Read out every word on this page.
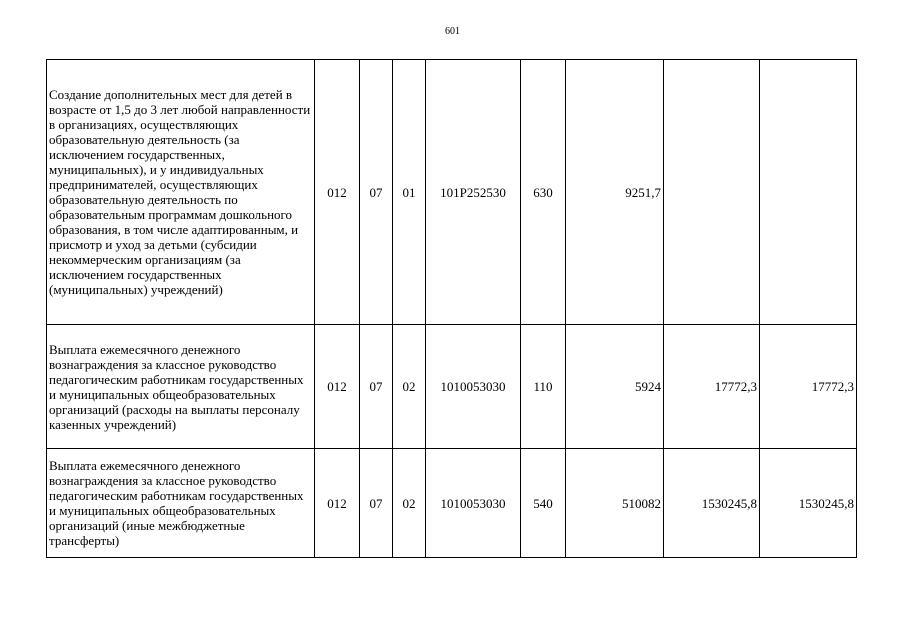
601
Создание дополнительных мест для детей в возрасте от 1,5 до 3 лет любой направленности в организациях, осуществляющих образовательную деятельность (за исключением государственных, муниципальных), и у индивидуальных предпринимателей, осуществляющих образовательную деятельность по образовательным программам дошкольного образования, в том числе адаптированным, и присмотр и уход за детьми (субсидии некоммерческим организациям (за исключением государственных (муниципальных) учреждений)	012	07	01	101P252530	630	9251,7		
Выплата ежемесячного денежного вознаграждения за классное руководство педагогическим работникам государственных и муниципальных общеобразовательных организаций (расходы на выплаты персоналу казенных учреждений)	012	07	02	1010053030	110	5924	17772,3	17772,3
Выплата ежемесячного денежного вознаграждения за классное руководство педагогическим работникам государственных и муниципальных общеобразовательных организаций (иные межбюджетные трансферты)	012	07	02	1010053030	540	510082	1530245,8	1530245,8
